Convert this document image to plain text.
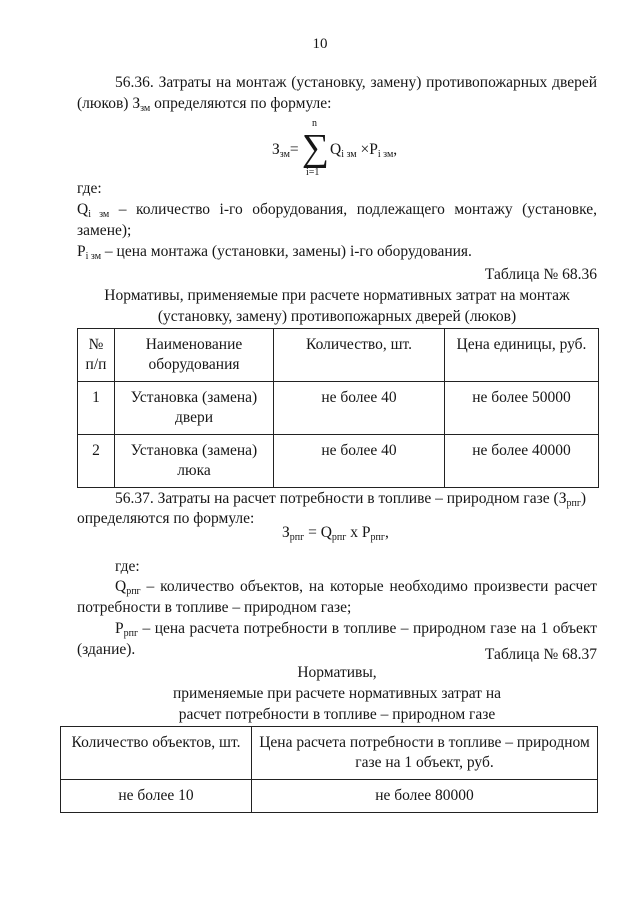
10
56.36. Затраты на монтаж (установку, замену) противопожарных дверей (люков) $З_{зм}$ определяются по формуле:
$З_{зм}=$
n
∑
i=1
$Q_{i зм} \times P_{i зм}$,
где:
$Q_{i зм}$ – количество i-го оборудования, подлежащего монтажу (установке, замене);
$P_{i зм}$ – цена монтажа (установки, замены) i-го оборудования.
Таблица № 68.36
Нормативы, применяемые при расчете нормативных затрат на монтаж
(установку, замену) противопожарных дверей (люков)
№ п/п	Наименование оборудования	Количество, шт.	Цена единицы, руб.
1	Установка (замена) двери	не более 40	не более 50000
2	Установка (замена) люка	не более 40	не более 40000
56.37. Затраты на расчет потребности в топливе – природном газе $(З_{рпг})$
определяются по формуле:
$З_{рпг} = Q_{рпг}$ x $P_{рпг}$,
где:
$Q_{рпг}$ – количество объектов, на которые необходимо произвести расчет потребности в топливе – природном газе;
$P_{рпг}$ – цена расчета потребности в топливе – природном газе на 1 объект (здание).	Таблица № 68.37
Нормативы,
применяемые при расчете нормативных затрат на
расчет потребности в топливе – природном газе
Количество объектов, шт.	Цена расчета потребности в топливе – природном газе на 1 объект, руб.
не более 10	не более 80000
